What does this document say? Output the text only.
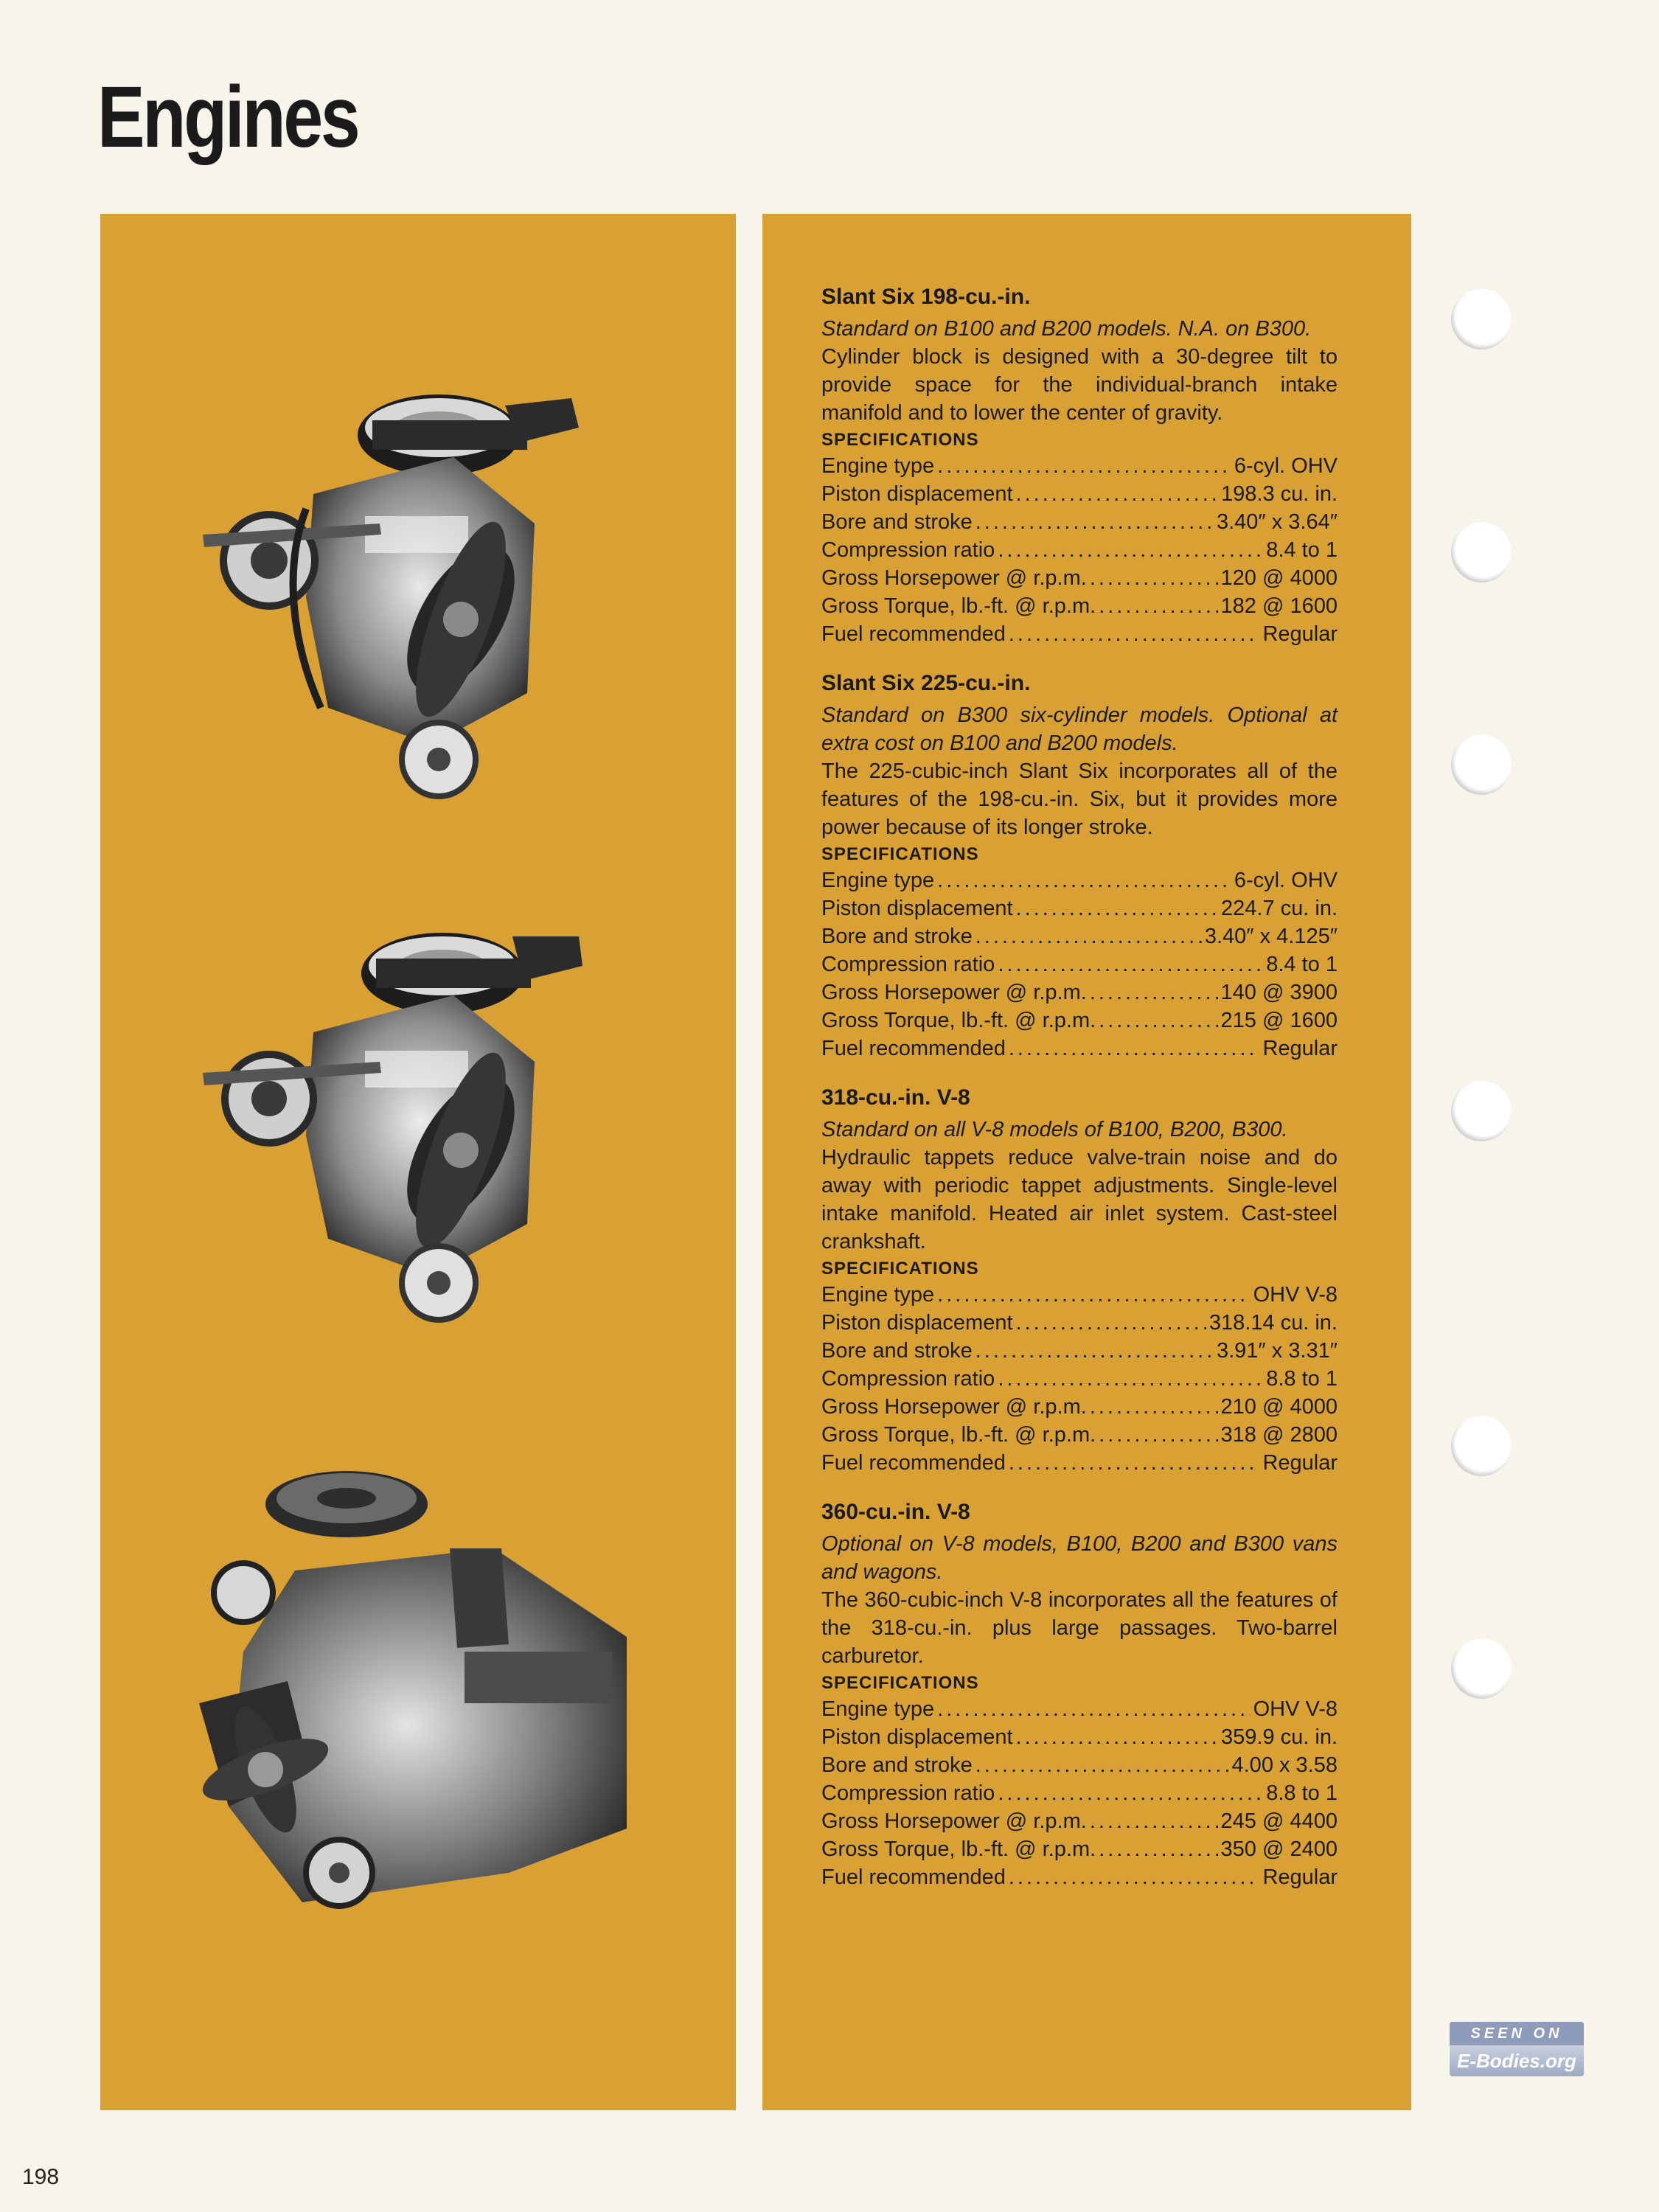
Engines
Slant Six 198-cu.-in.
Standard on B100 and B200 models. N.A. on B300.
Cylinder block is designed with a 30-degree tilt to provide space for the individual-branch intake manifold and to lower the center of gravity.
SPECIFICATIONS
Engine type .....	6-cyl. OHV
Piston displacement .....	198.3 cu. in.
Bore and stroke .....	3.40″ x 3.64″
Compression ratio .....	8.4 to 1
Gross Horsepower @ r.p.m. .....	120 @ 4000
Gross Torque, lb.-ft. @ r.p.m. .....	182 @ 1600
Fuel recommended .....	Regular
Slant Six 225-cu.-in.
Standard on B300 six-cylinder models. Optional at extra cost on B100 and B200 models.
The 225-cubic-inch Slant Six incorporates all of the features of the 198-cu.-in. Six, but it provides more power because of its longer stroke.
SPECIFICATIONS
Engine type .....	6-cyl. OHV
Piston displacement .....	224.7 cu. in.
Bore and stroke .....	3.40″ x 4.125″
Compression ratio .....	8.4 to 1
Gross Horsepower @ r.p.m. .....	140 @ 3900
Gross Torque, lb.-ft. @ r.p.m. .....	215 @ 1600
Fuel recommended .....	Regular
318-cu.-in. V-8
Standard on all V-8 models of B100, B200, B300.
Hydraulic tappets reduce valve-train noise and do away with periodic tappet adjustments. Single-level intake manifold. Heated air inlet system. Cast-steel crankshaft.
SPECIFICATIONS
Engine type .....	OHV V-8
Piston displacement .....	318.14 cu. in.
Bore and stroke .....	3.91″ x 3.31″
Compression ratio .....	8.8 to 1
Gross Horsepower @ r.p.m. .....	210 @ 4000
Gross Torque, lb.-ft. @ r.p.m. .....	318 @ 2800
Fuel recommended .....	Regular
360-cu.-in. V-8
Optional on V-8 models, B100, B200 and B300 vans and wagons.
The 360-cubic-inch V-8 incorporates all the features of the 318-cu.-in. plus large passages. Two-barrel carburetor.
SPECIFICATIONS
Engine type .....	OHV V-8
Piston displacement .....	359.9 cu. in.
Bore and stroke .....	4.00 x 3.58
Compression ratio .....	8.8 to 1
Gross Horsepower @ r.p.m. .....	245 @ 4400
Gross Torque, lb.-ft. @ r.p.m. .....	350 @ 2400
Fuel recommended .....	Regular
198
SEEN ON
E-Bodies.org
